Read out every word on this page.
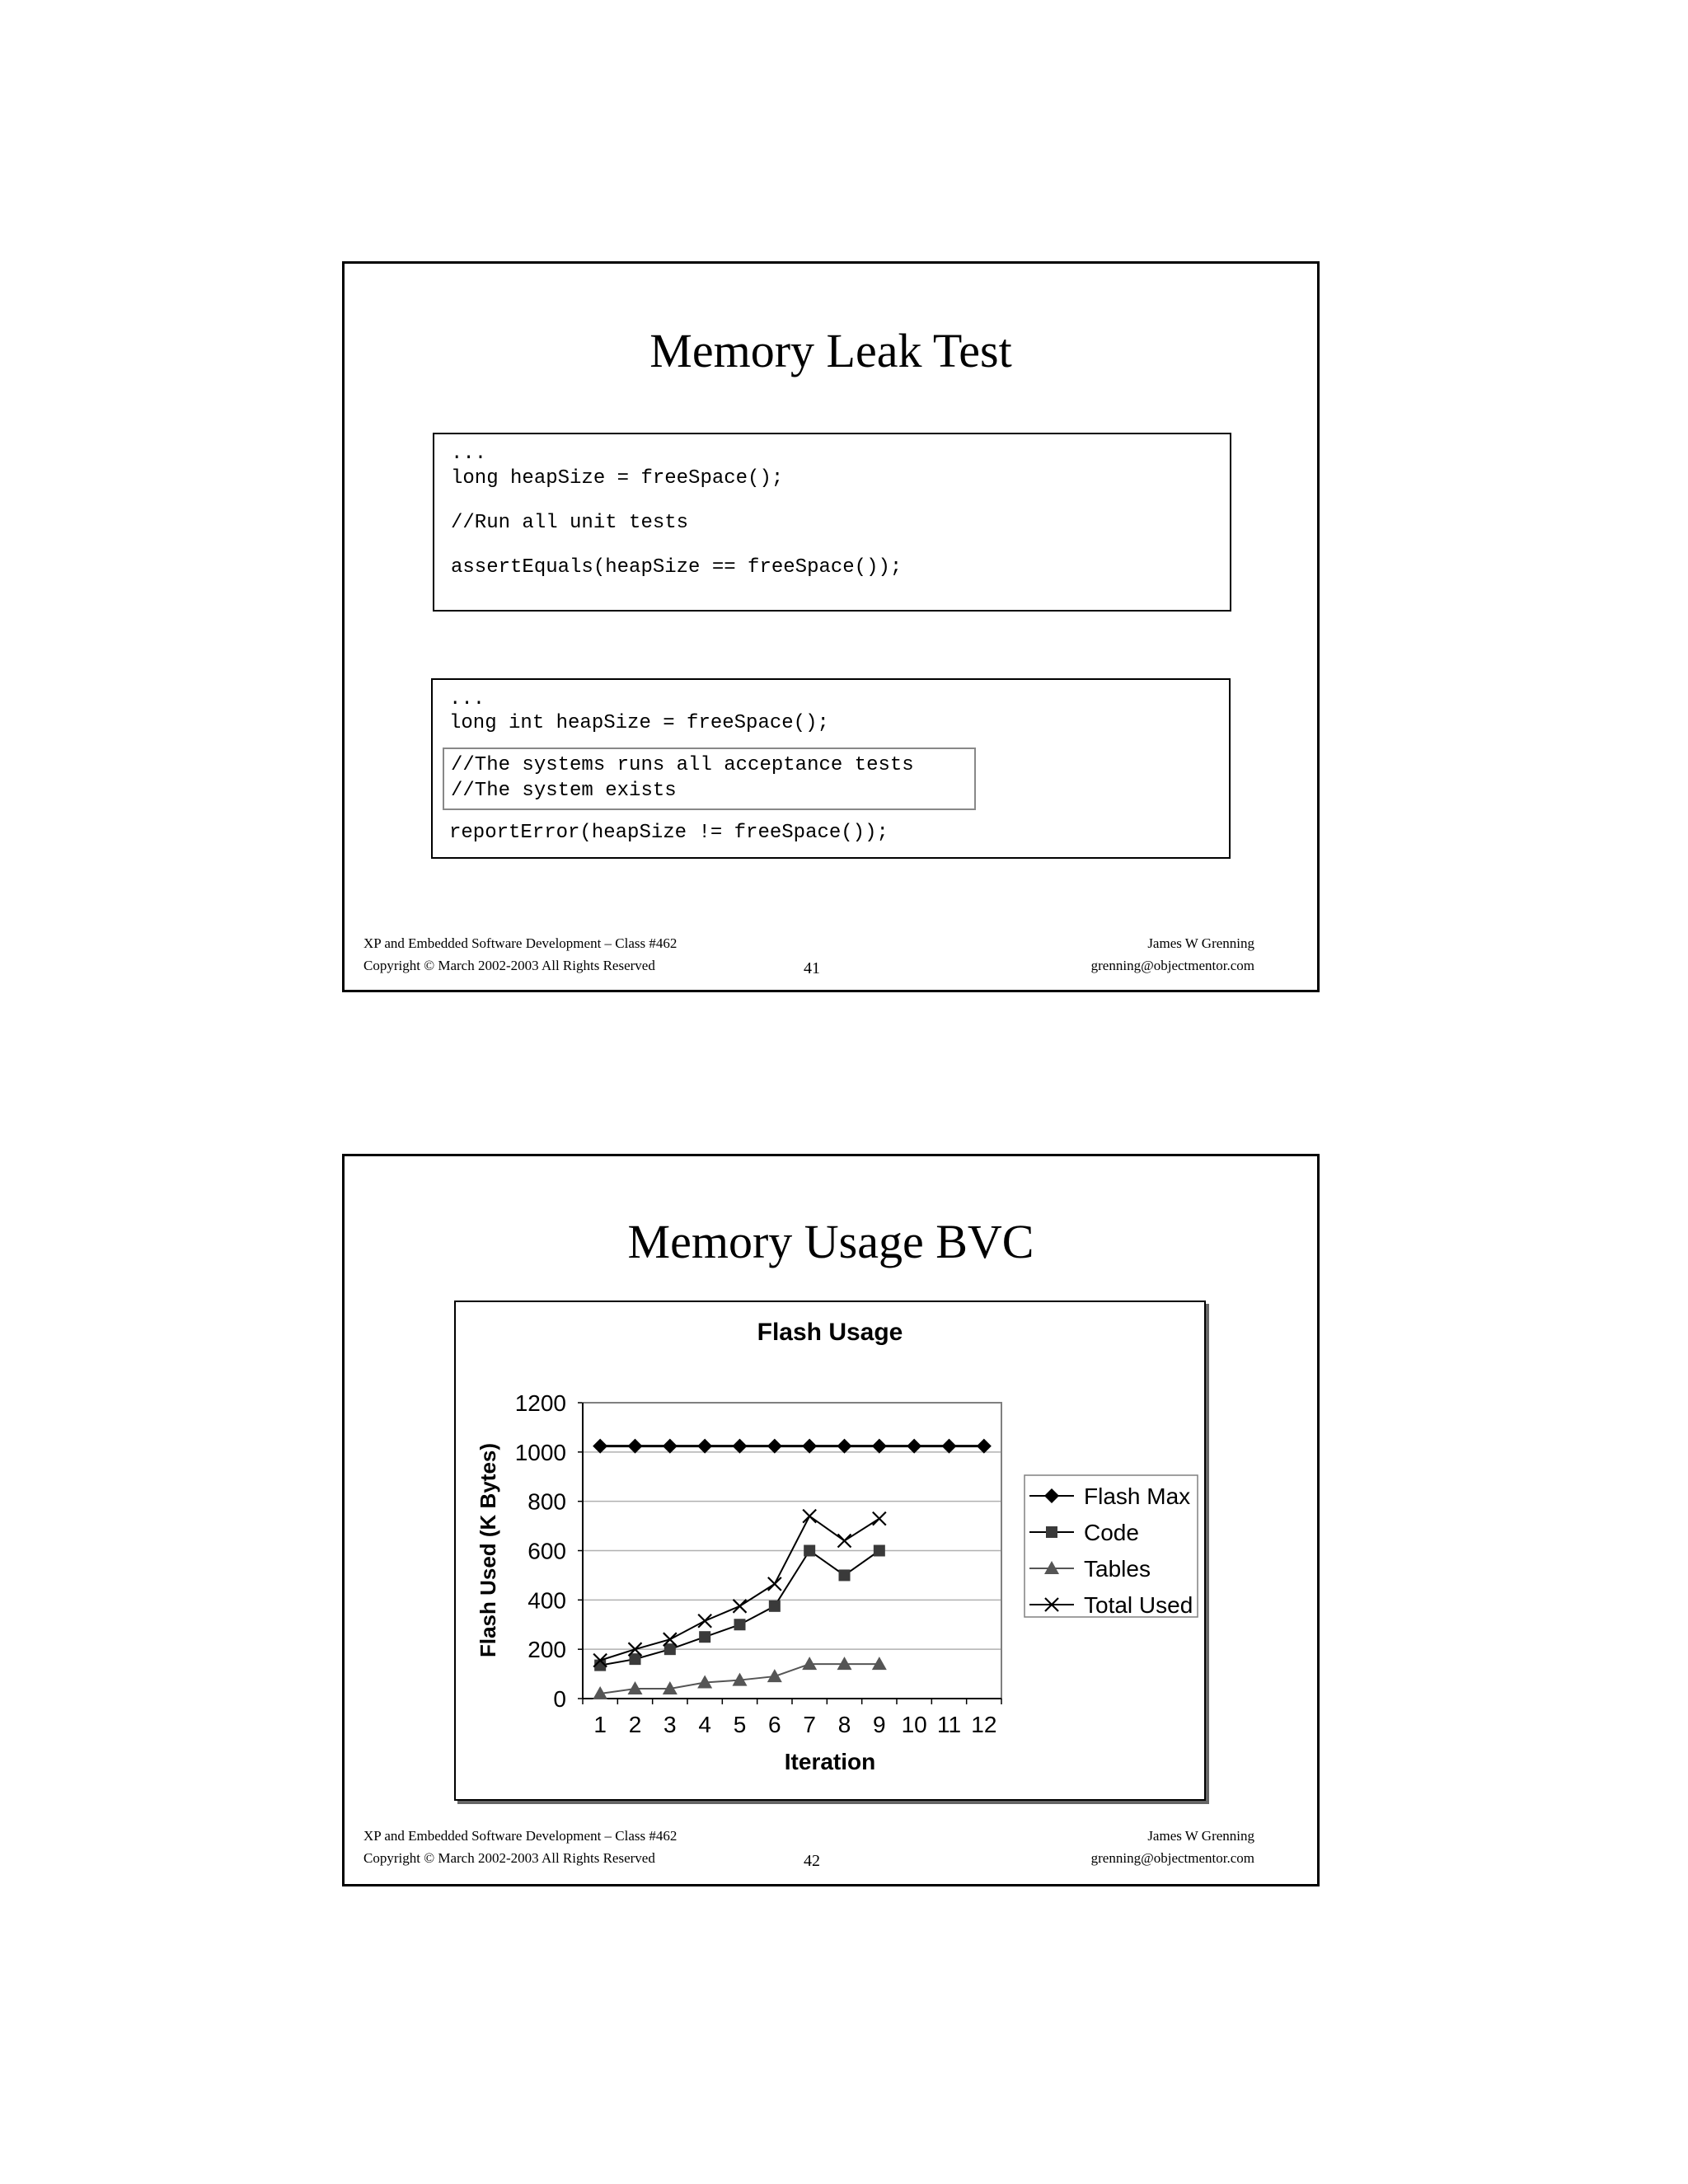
Memory Leak Test
...
long heapSize = freeSpace();
//Run all unit tests
assertEquals(heapSize == freeSpace());
...
long int heapSize = freeSpace();
//The systems runs all acceptance tests
//The system exists
reportError(heapSize != freeSpace());
XP and Embedded Software Development – Class #462
Copyright © March 2002-2003 All Rights Reserved	41
James W Grenning
grenning@objectmentor.com
Memory Usage BVC
Flash Usage
0
200
400
600
800
1000
1200
1 2 3 4 5 6 7 8 9 10 11 12
Iteration
Flash Used (K Bytes)	Flash Max
Code
Tables
Total Used
XP and Embedded Software Development – Class #462
Copyright © March 2002-2003 All Rights Reserved	42
James W Grenning
grenning@objectmentor.com
